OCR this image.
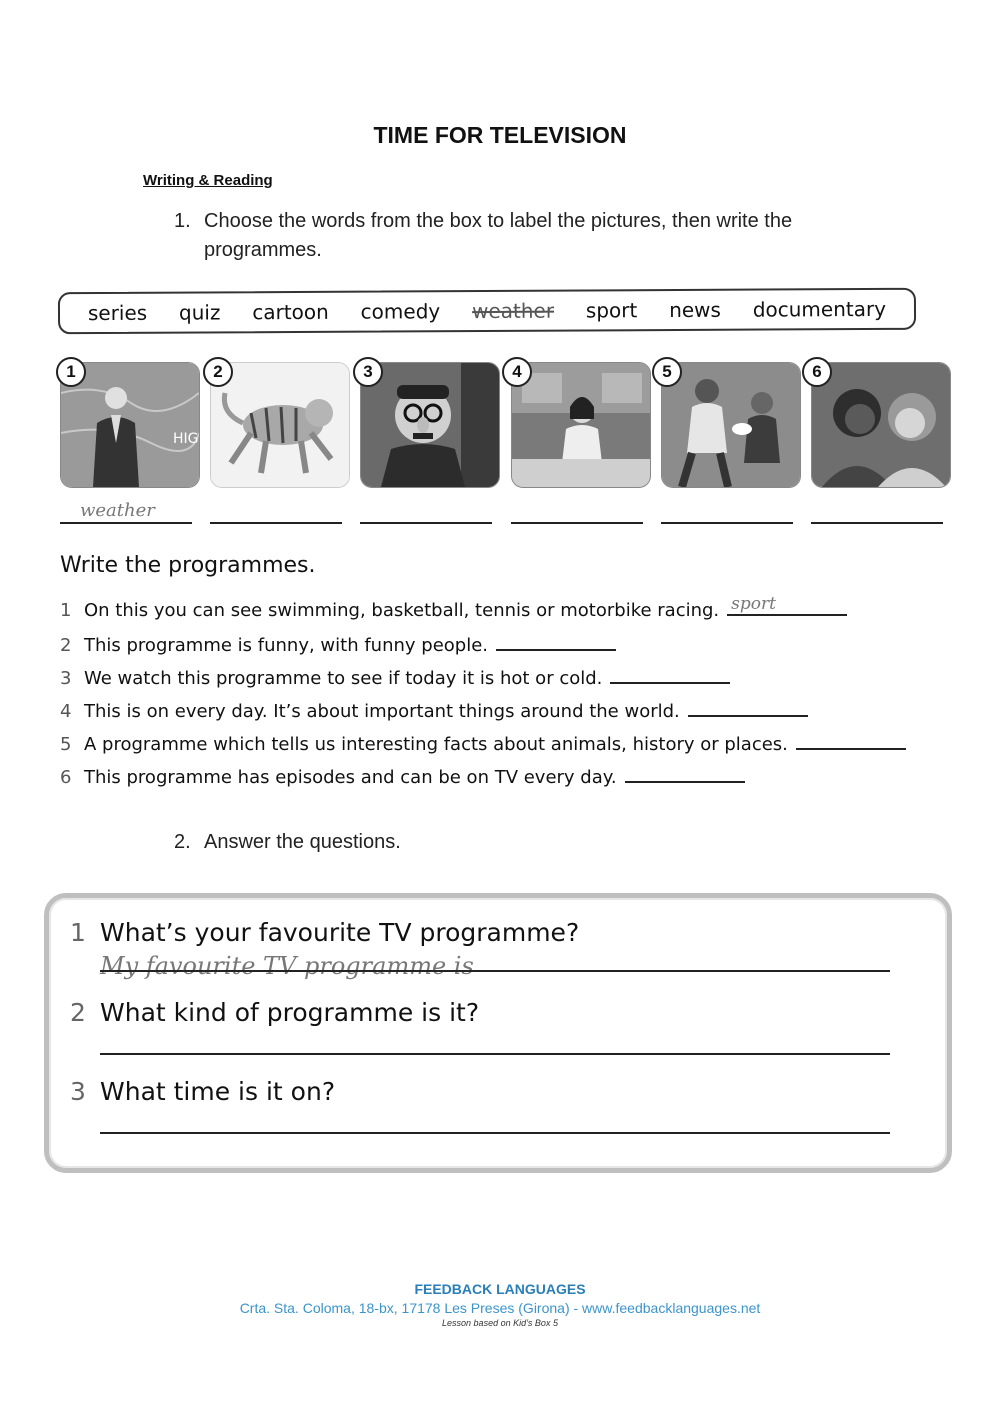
TIME FOR TELEVISION
Writing & Reading
1. Choose the words from the box to label the pictures, then write the
programmes.
series quiz cartoon comedy weather sport news documentary
1
HIG
weather
2	3	4	5	6
Write the programmes.
1 On this you can see swimming, basketball, tennis or motorbike racing. sport
2 This programme is funny, with funny people.
3 We watch this programme to see if today it is hot or cold.
4 This is on every day. It’s about important things around the world.
5 A programme which tells us interesting facts about animals, history or places.
6 This programme has episodes and can be on TV every day.
2. Answer the questions.
1 What’s your favourite TV programme?
My favourite TV programme is
2 What kind of programme is it?
3 What time is it on?
FEEDBACK LANGUAGES
Crta. Sta. Coloma, 18-bx, 17178 Les Preses (Girona) - www.feedbacklanguages.net
Lesson based on Kid’s Box 5
